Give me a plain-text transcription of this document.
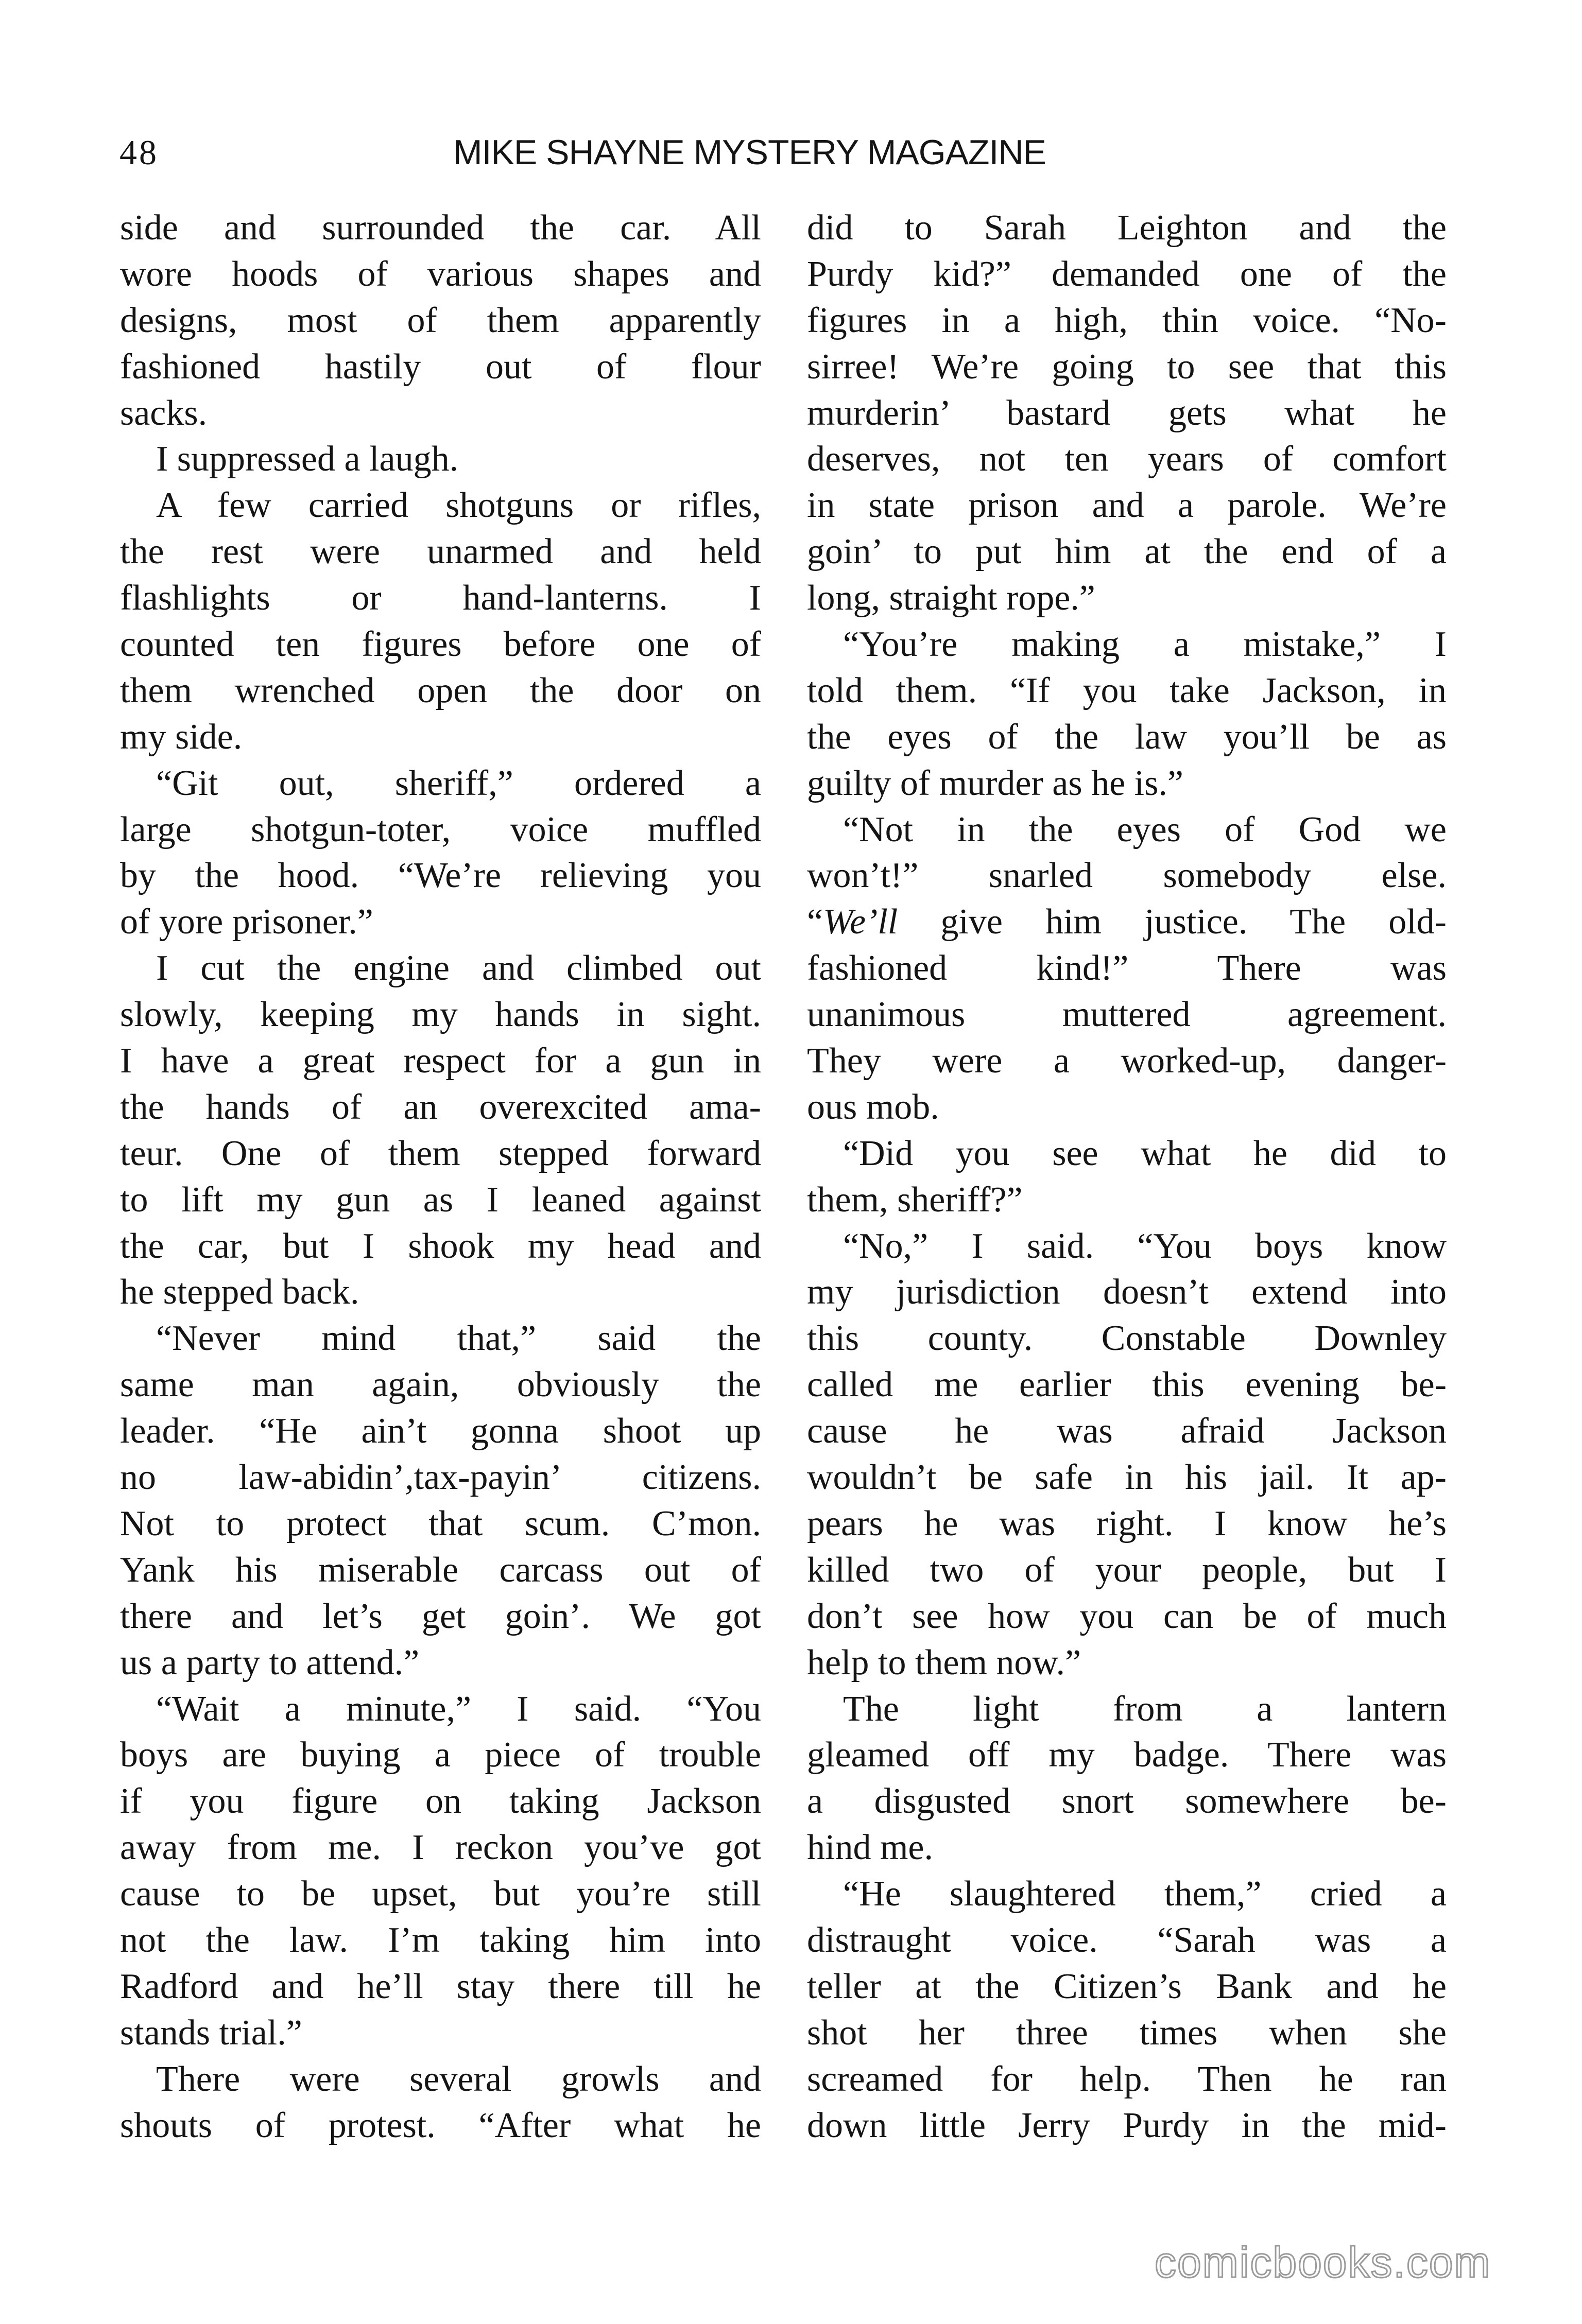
48	MIKE SHAYNE MYSTERY MAGAZINE
side and surrounded the car. All
wore hoods of various shapes and
designs, most of them apparently
fashioned hastily out of flour
sacks.
I suppressed a laugh.
A few carried shotguns or rifles,
the rest were unarmed and held
flashlights or hand-lanterns. I
counted ten figures before one of
them wrenched open the door on
my side.
“Git out, sheriff,” ordered a
large shotgun-toter, voice muffled
by the hood. “We’re relieving you
of yore prisoner.”
I cut the engine and climbed out
slowly, keeping my hands in sight.
I have a great respect for a gun in
the hands of an overexcited ama-
teur. One of them stepped forward
to lift my gun as I leaned against
the car, but I shook my head and
he stepped back.
“Never mind that,” said the
same man again, obviously the
leader. “He ain’t gonna shoot up
no law-abidin’,tax-payin’ citizens.
Not to protect that scum. C’mon.
Yank his miserable carcass out of
there and let’s get goin’. We got
us a party to attend.”
“Wait a minute,” I said. “You
boys are buying a piece of trouble
if you figure on taking Jackson
away from me. I reckon you’ve got
cause to be upset, but you’re still
not the law. I’m taking him into
Radford and he’ll stay there till he
stands trial.”
There were several growls and
shouts of protest. “After what he
did to Sarah Leighton and the
Purdy kid?” demanded one of the
figures in a high, thin voice. “No-
sirree! We’re going to see that this
murderin’ bastard gets what he
deserves, not ten years of comfort
in state prison and a parole. We’re
goin’ to put him at the end of a
long, straight rope.”
“You’re making a mistake,” I
told them. “If you take Jackson, in
the eyes of the law you’ll be as
guilty of murder as he is.”
“Not in the eyes of God we
won’t!” snarled somebody else.
“We’ll give him justice. The old-
fashioned kind!” There was
unanimous muttered agreement.
They were a worked-up, danger-
ous mob.
“Did you see what he did to
them, sheriff?”
“No,” I said. “You boys know
my jurisdiction doesn’t extend into
this county. Constable Downley
called me earlier this evening be-
cause he was afraid Jackson
wouldn’t be safe in his jail. It ap-
pears he was right. I know he’s
killed two of your people, but I
don’t see how you can be of much
help to them now.”
The light from a lantern
gleamed off my badge. There was
a disgusted snort somewhere be-
hind me.
“He slaughtered them,” cried a
distraught voice. “Sarah was a
teller at the Citizen’s Bank and he
shot her three times when she
screamed for help. Then he ran
down little Jerry Purdy in the mid-
comicbooks.com
